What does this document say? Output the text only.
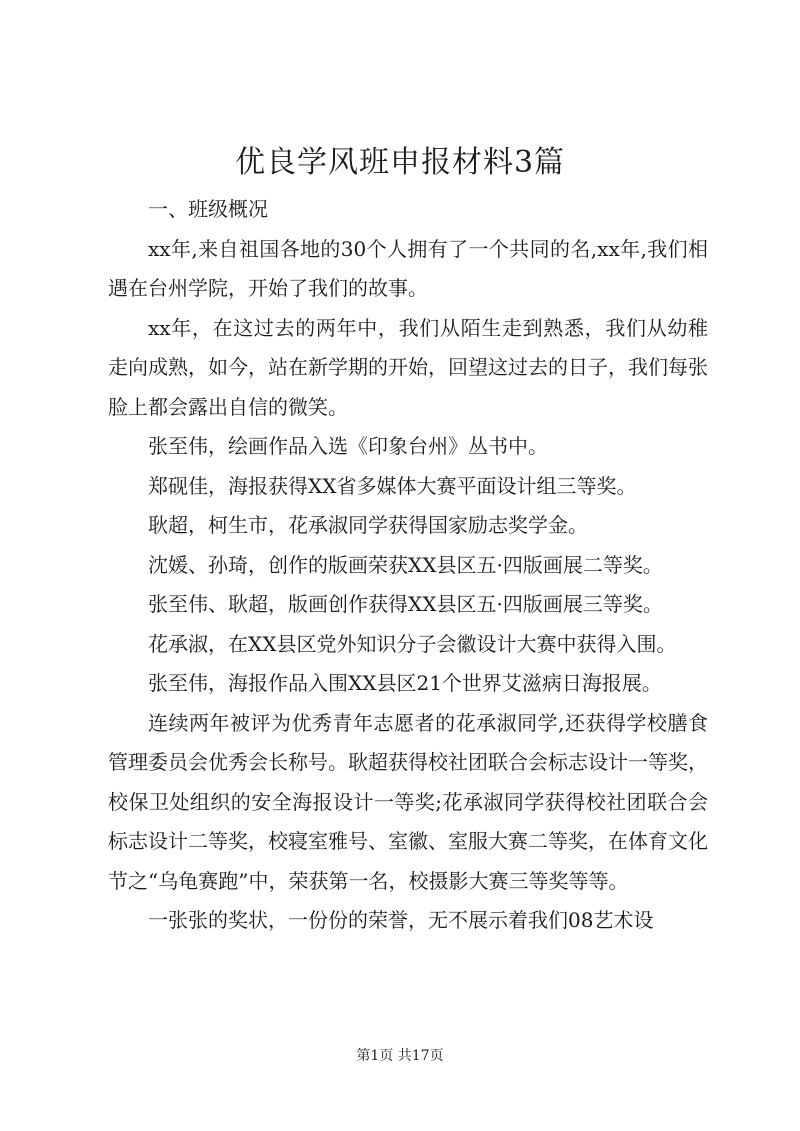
优良学风班申报材料3篇

一、班级概况

xx年,来自祖国各地的30个人拥有了一个共同的名,xx年,我们相遇在台州学院，开始了我们的故事。

xx年，在这过去的两年中，我们从陌生走到熟悉，我们从幼稚走向成熟，如今，站在新学期的开始，回望这过去的日子，我们每张脸上都会露出自信的微笑。

张至伟，绘画作品入选《印象台州》丛书中。

郑砚佳，海报获得XX省多媒体大赛平面设计组三等奖。

耿超，柯生市，花承淑同学获得国家励志奖学金。

沈媛、孙琦，创作的版画荣获XX县区五·四版画展二等奖。

张至伟、耿超，版画创作获得XX县区五·四版画展三等奖。

花承淑，在XX县区党外知识分子会徽设计大赛中获得入围。

张至伟，海报作品入围XX县区21个世界艾滋病日海报展。

连续两年被评为优秀青年志愿者的花承淑同学,还获得学校膳食管理委员会优秀会长称号。耿超获得校社团联合会标志设计一等奖，校保卫处组织的安全海报设计一等奖;花承淑同学获得校社团联合会标志设计二等奖，校寝室雅号、室徽、室服大赛二等奖，在体育文化节之“乌龟赛跑”中，荣获第一名，校摄影大赛三等奖等等。

一张张的奖状，一份份的荣誉，无不展示着我们08艺术设

第1页 共17页
